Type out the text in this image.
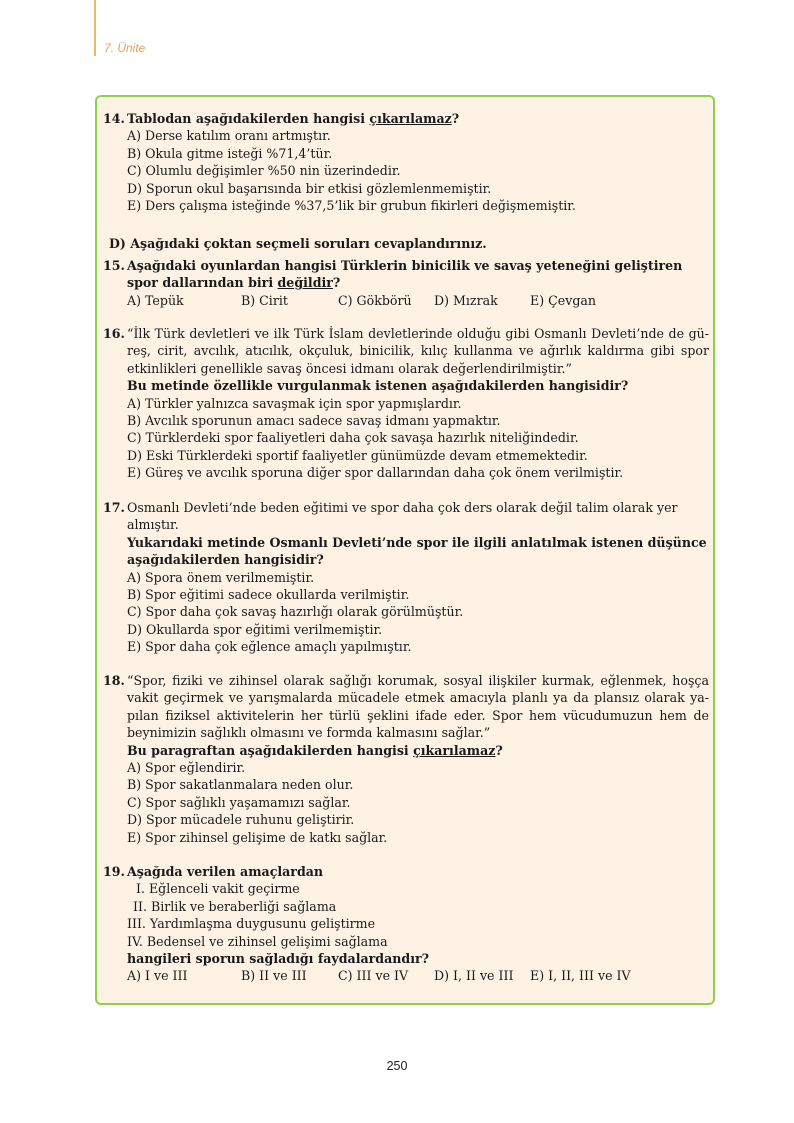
7. Ünite
14. Tablodan aşağıdakilerden hangisi çıkarılamaz?
A) Derse katılım oranı artmıştır.
B) Okula gitme isteği %71,4’tür.
C) Olumlu değişimler %50 nin üzerindedir.
D) Sporun okul başarısında bir etkisi gözlemlenmemiştir.
E) Ders çalışma isteğinde %37,5’lik bir grubun fikirleri değişmemiştir.
D) Aşağıdaki çoktan seçmeli soruları cevaplandırınız.
15. Aşağıdaki oyunlardan hangisi Türklerin binicilik ve savaş yeteneğini geliştiren spor dallarından biri değildir?
A) Tepük	B) Cirit	C) Gökbörü	D) Mızrak	E) Çevgan
16. “İlk Türk devletleri ve ilk Türk İslam devletlerinde olduğu gibi Osmanlı Devleti’nde de gü-reş, cirit, avcılık, atıcılık, okçuluk, binicilik, kılıç kullanma ve ağırlık kaldırma gibi spor etkinlikleri genellikle savaş öncesi idmanı olarak değerlendirilmiştir.”
Bu metinde özellikle vurgulanmak istenen aşağıdakilerden hangisidir?
A) Türkler yalnızca savaşmak için spor yapmışlardır.
B) Avcılık sporunun amacı sadece savaş idmanı yapmaktır.
C) Türklerdeki spor faaliyetleri daha çok savaşa hazırlık niteliğindedir.
D) Eski Türklerdeki sportif faaliyetler günümüzde devam etmemektedir.
E) Güreş ve avcılık sporuna diğer spor dallarından daha çok önem verilmiştir.
17. Osmanlı Devleti’nde beden eğitimi ve spor daha çok ders olarak değil talim olarak yer almıştır.
Yukarıdaki metinde Osmanlı Devleti’nde spor ile ilgili anlatılmak istenen düşünce aşağıdakilerden hangisidir?
A) Spora önem verilmemiştir.
B) Spor eğitimi sadece okullarda verilmiştir.
C) Spor daha çok savaş hazırlığı olarak görülmüştür.
D) Okullarda spor eğitimi verilmemiştir.
E) Spor daha çok eğlence amaçlı yapılmıştır.
18. “Spor, fiziki ve zihinsel olarak sağlığı korumak, sosyal ilişkiler kurmak, eğlenmek, hoşça vakit geçirmek ve yarışmalarda mücadele etmek amacıyla planlı ya da plansız olarak ya-pılan fiziksel aktivitelerin her türlü şeklini ifade eder. Spor hem vücudumuzun hem de beynimizin sağlıklı olmasını ve formda kalmasını sağlar.”
Bu paragraftan aşağıdakilerden hangisi çıkarılamaz?
A) Spor eğlendirir.
B) Spor sakatlanmalara neden olur.
C) Spor sağlıklı yaşamamızı sağlar.
D) Spor mücadele ruhunu geliştirir.
E) Spor zihinsel gelişime de katkı sağlar.
19. Aşağıda verilen amaçlardan
I. Eğlenceli vakit geçirme
II. Birlik ve beraberliği sağlama
III. Yardımlaşma duygusunu geliştirme
IV. Bedensel ve zihinsel gelişimi sağlama
hangileri sporun sağladığı faydalardandır?
A) I ve III	B) II ve III	C) III ve IV	D) I, II ve III	E) I, II, III ve IV
250
